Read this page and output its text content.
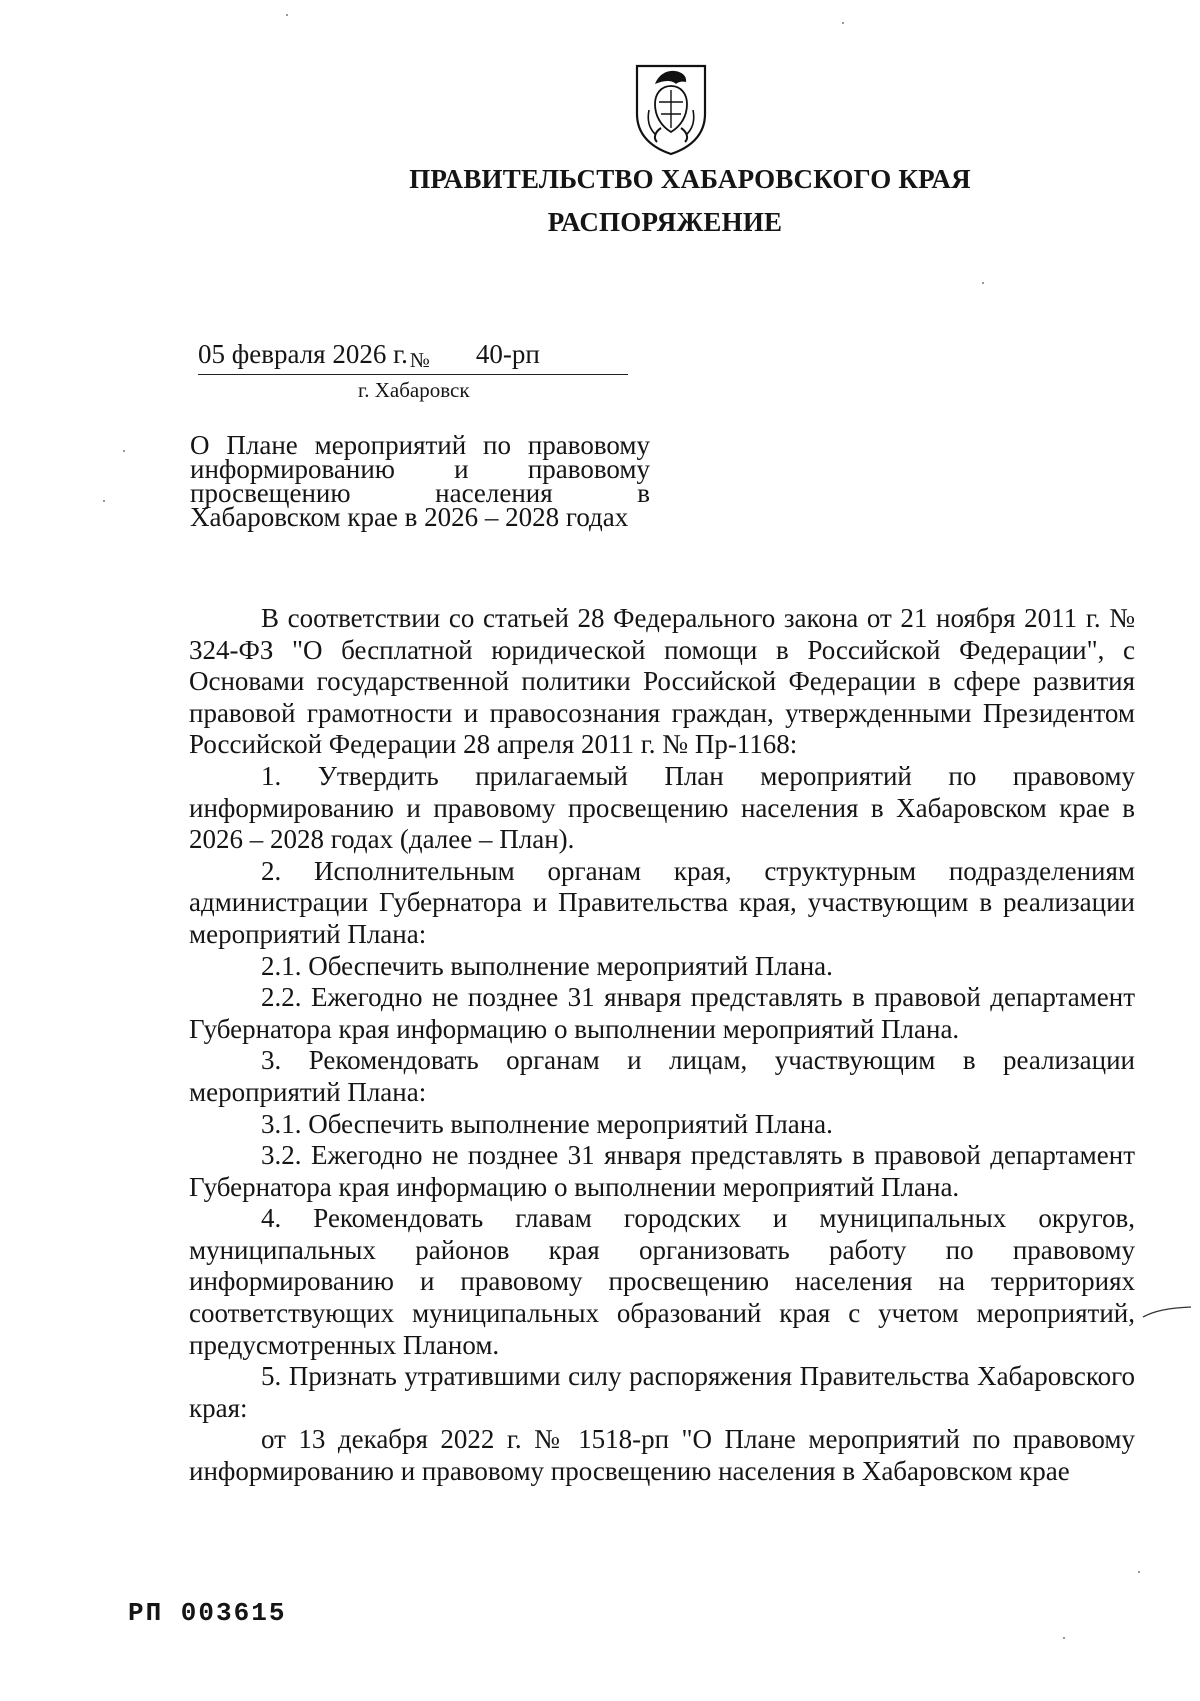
ПРАВИТЕЛЬСТВО ХАБАРОВСКОГО КРАЯ
РАСПОРЯЖЕНИЕ
05 февраля 2026 г.№ 40-рп
г. Хабаровск
О Плане мероприятий по правовому
информированию и правовому
просвещению населения в
Хабаровском крае в 2026 – 2028 годах

В соответствии со статьей 28 Федерального закона от 21 ноября 2011 г. № 324-ФЗ "О бесплатной юридической помощи в Российской Федерации", с Основами государственной политики Российской Федерации в сфере развития правовой грамотности и правосознания граждан, утвержденными Президентом Российской Федерации 28 апреля 2011 г. № Пр-1168:

1. Утвердить прилагаемый План мероприятий по правовому информированию и правовому просвещению населения в Хабаровском крае в 2026 – 2028 годах (далее – План).

2. Исполнительным органам края, структурным подразделениям администрации Губернатора и Правительства края, участвующим в реализации мероприятий Плана:

2.1. Обеспечить выполнение мероприятий Плана.

2.2. Ежегодно не позднее 31 января представлять в правовой департамент Губернатора края информацию о выполнении мероприятий Плана.

3. Рекомендовать органам и лицам, участвующим в реализации мероприятий Плана:

3.1. Обеспечить выполнение мероприятий Плана.

3.2. Ежегодно не позднее 31 января представлять в правовой департамент Губернатора края информацию о выполнении мероприятий Плана.

4. Рекомендовать главам городских и муниципальных округов, муниципальных районов края организовать работу по правовому информированию и правовому просвещению населения на территориях соответствующих муниципальных образований края с учетом мероприятий, предусмотренных Планом.

5. Признать утратившими силу распоряжения Правительства Хабаровского края:

от 13 декабря 2022 г. № 1518-рп "О Плане мероприятий по правовому информированию и правовому просвещению населения в Хабаровском крае

РП 003615
